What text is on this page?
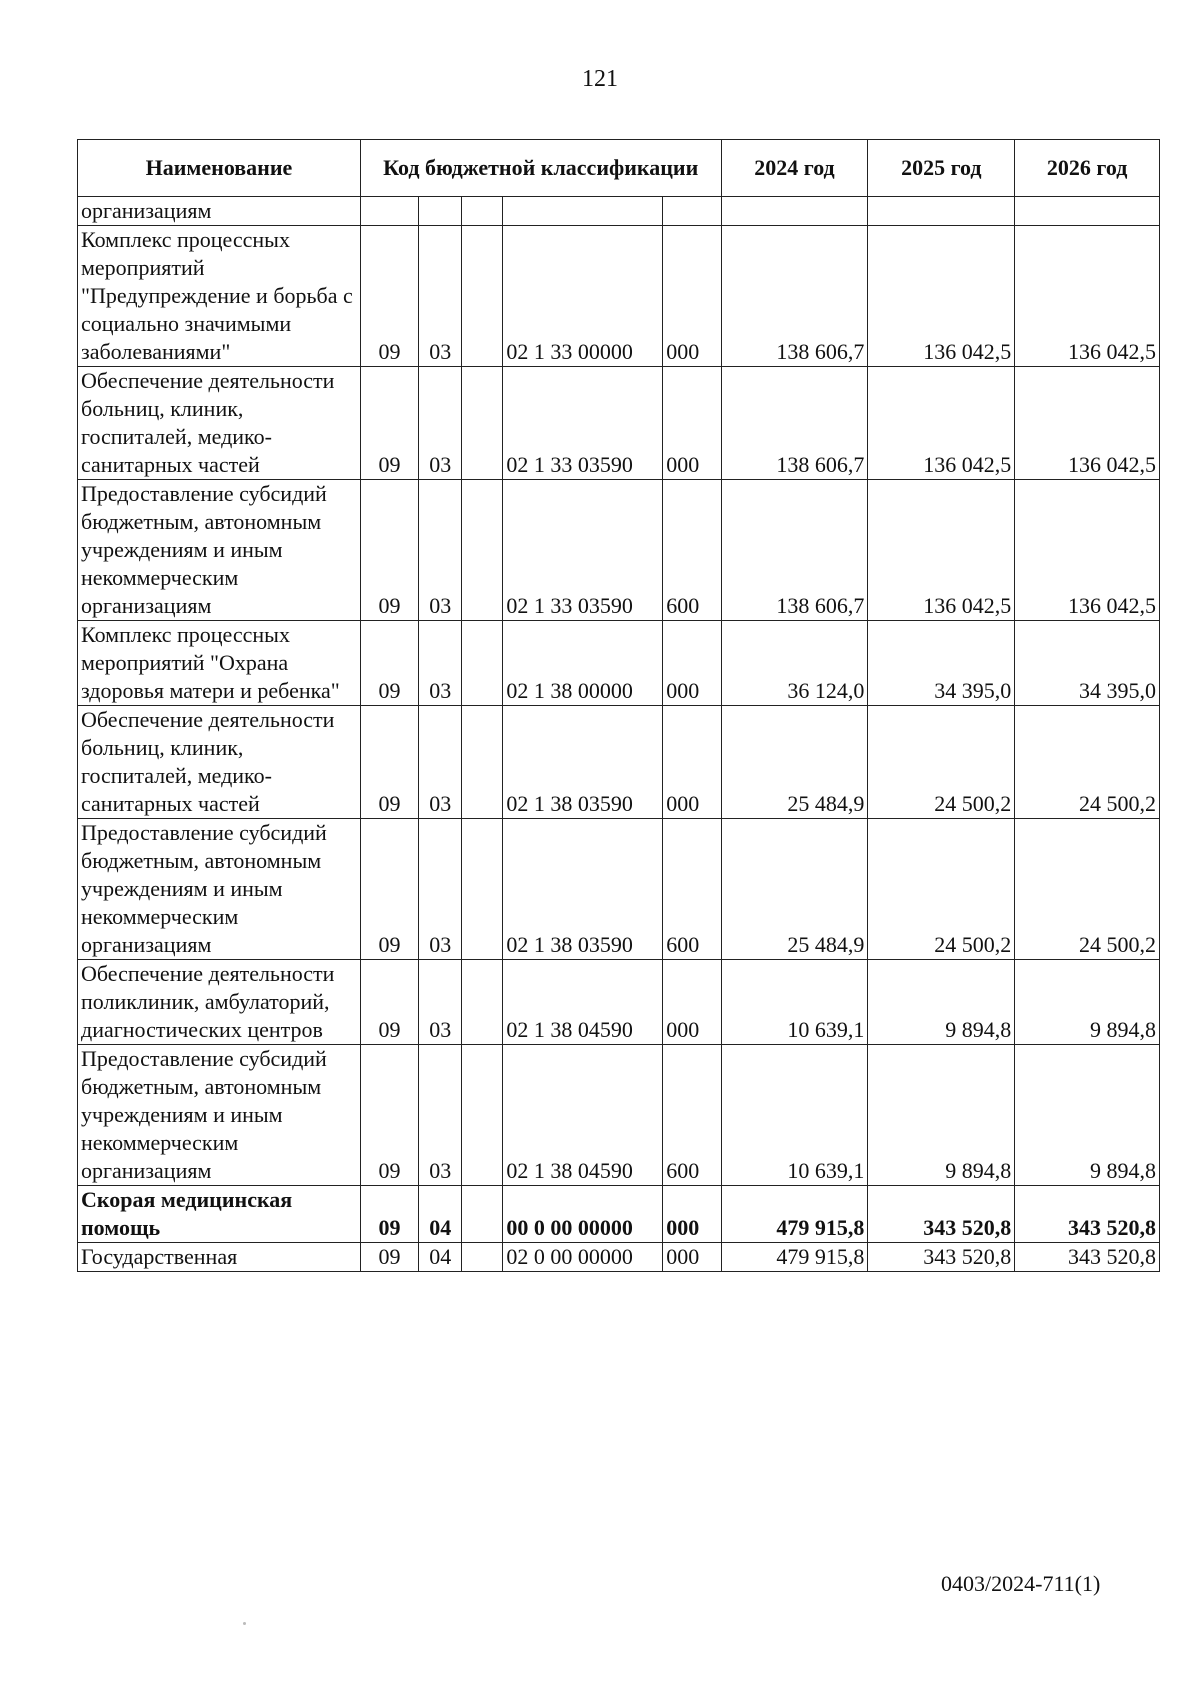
121
Наименование	Код бюджетной классификации					2024 год	2025 год	2026 год
организациям								
Комплекс процессных мероприятий "Предупреждение и борьба с социально значимыми заболеваниями"	09	03		02 1 33 00000	000	138 606,7	136 042,5	136 042,5
Обеспечение деятельности больниц, клиник, госпиталей, медико-санитарных частей	09	03		02 1 33 03590	000	138 606,7	136 042,5	136 042,5
Предоставление субсидий бюджетным, автономным учреждениям и иным некоммерческим организациям	09	03		02 1 33 03590	600	138 606,7	136 042,5	136 042,5
Комплекс процессных мероприятий "Охрана здоровья матери и ребенка"	09	03		02 1 38 00000	000	36 124,0	34 395,0	34 395,0
Обеспечение деятельности больниц, клиник, госпиталей, медико-санитарных частей	09	03		02 1 38 03590	000	25 484,9	24 500,2	24 500,2
Предоставление субсидий бюджетным, автономным учреждениям и иным некоммерческим организациям	09	03		02 1 38 03590	600	25 484,9	24 500,2	24 500,2
Обеспечение деятельности поликлиник, амбулаторий, диагностических центров	09	03		02 1 38 04590	000	10 639,1	9 894,8	9 894,8
Предоставление субсидий бюджетным, автономным учреждениям и иным некоммерческим организациям	09	03		02 1 38 04590	600	10 639,1	9 894,8	9 894,8
Скорая медицинская помощь	09	04		00 0 00 00000	000	479 915,8	343 520,8	343 520,8
Государственная	09	04		02 0 00 00000	000	479 915,8	343 520,8	343 520,8
0403/2024-711(1)
